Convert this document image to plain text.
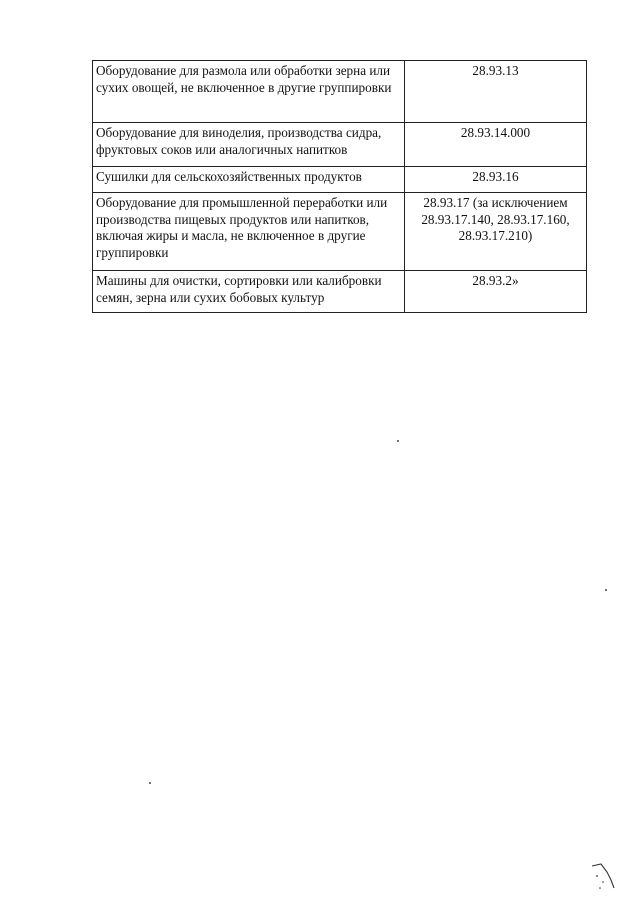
Оборудование для размола или обработки зерна или сухих овощей, не включенное в другие группировки	28.93.13
Оборудование для виноделия, производства сидра, фруктовых соков или аналогичных напитков	28.93.14.000
Сушилки для сельскохозяйственных продуктов	28.93.16
Оборудование для промышленной переработки или производства пищевых продуктов или напитков, включая жиры и масла, не включенное в другие группировки	28.93.17 (за исключением 28.93.17.140, 28.93.17.160, 28.93.17.210)
Машины для очистки, сортировки или калибровки семян, зерна или сухих бобовых культур	28.93.2»
